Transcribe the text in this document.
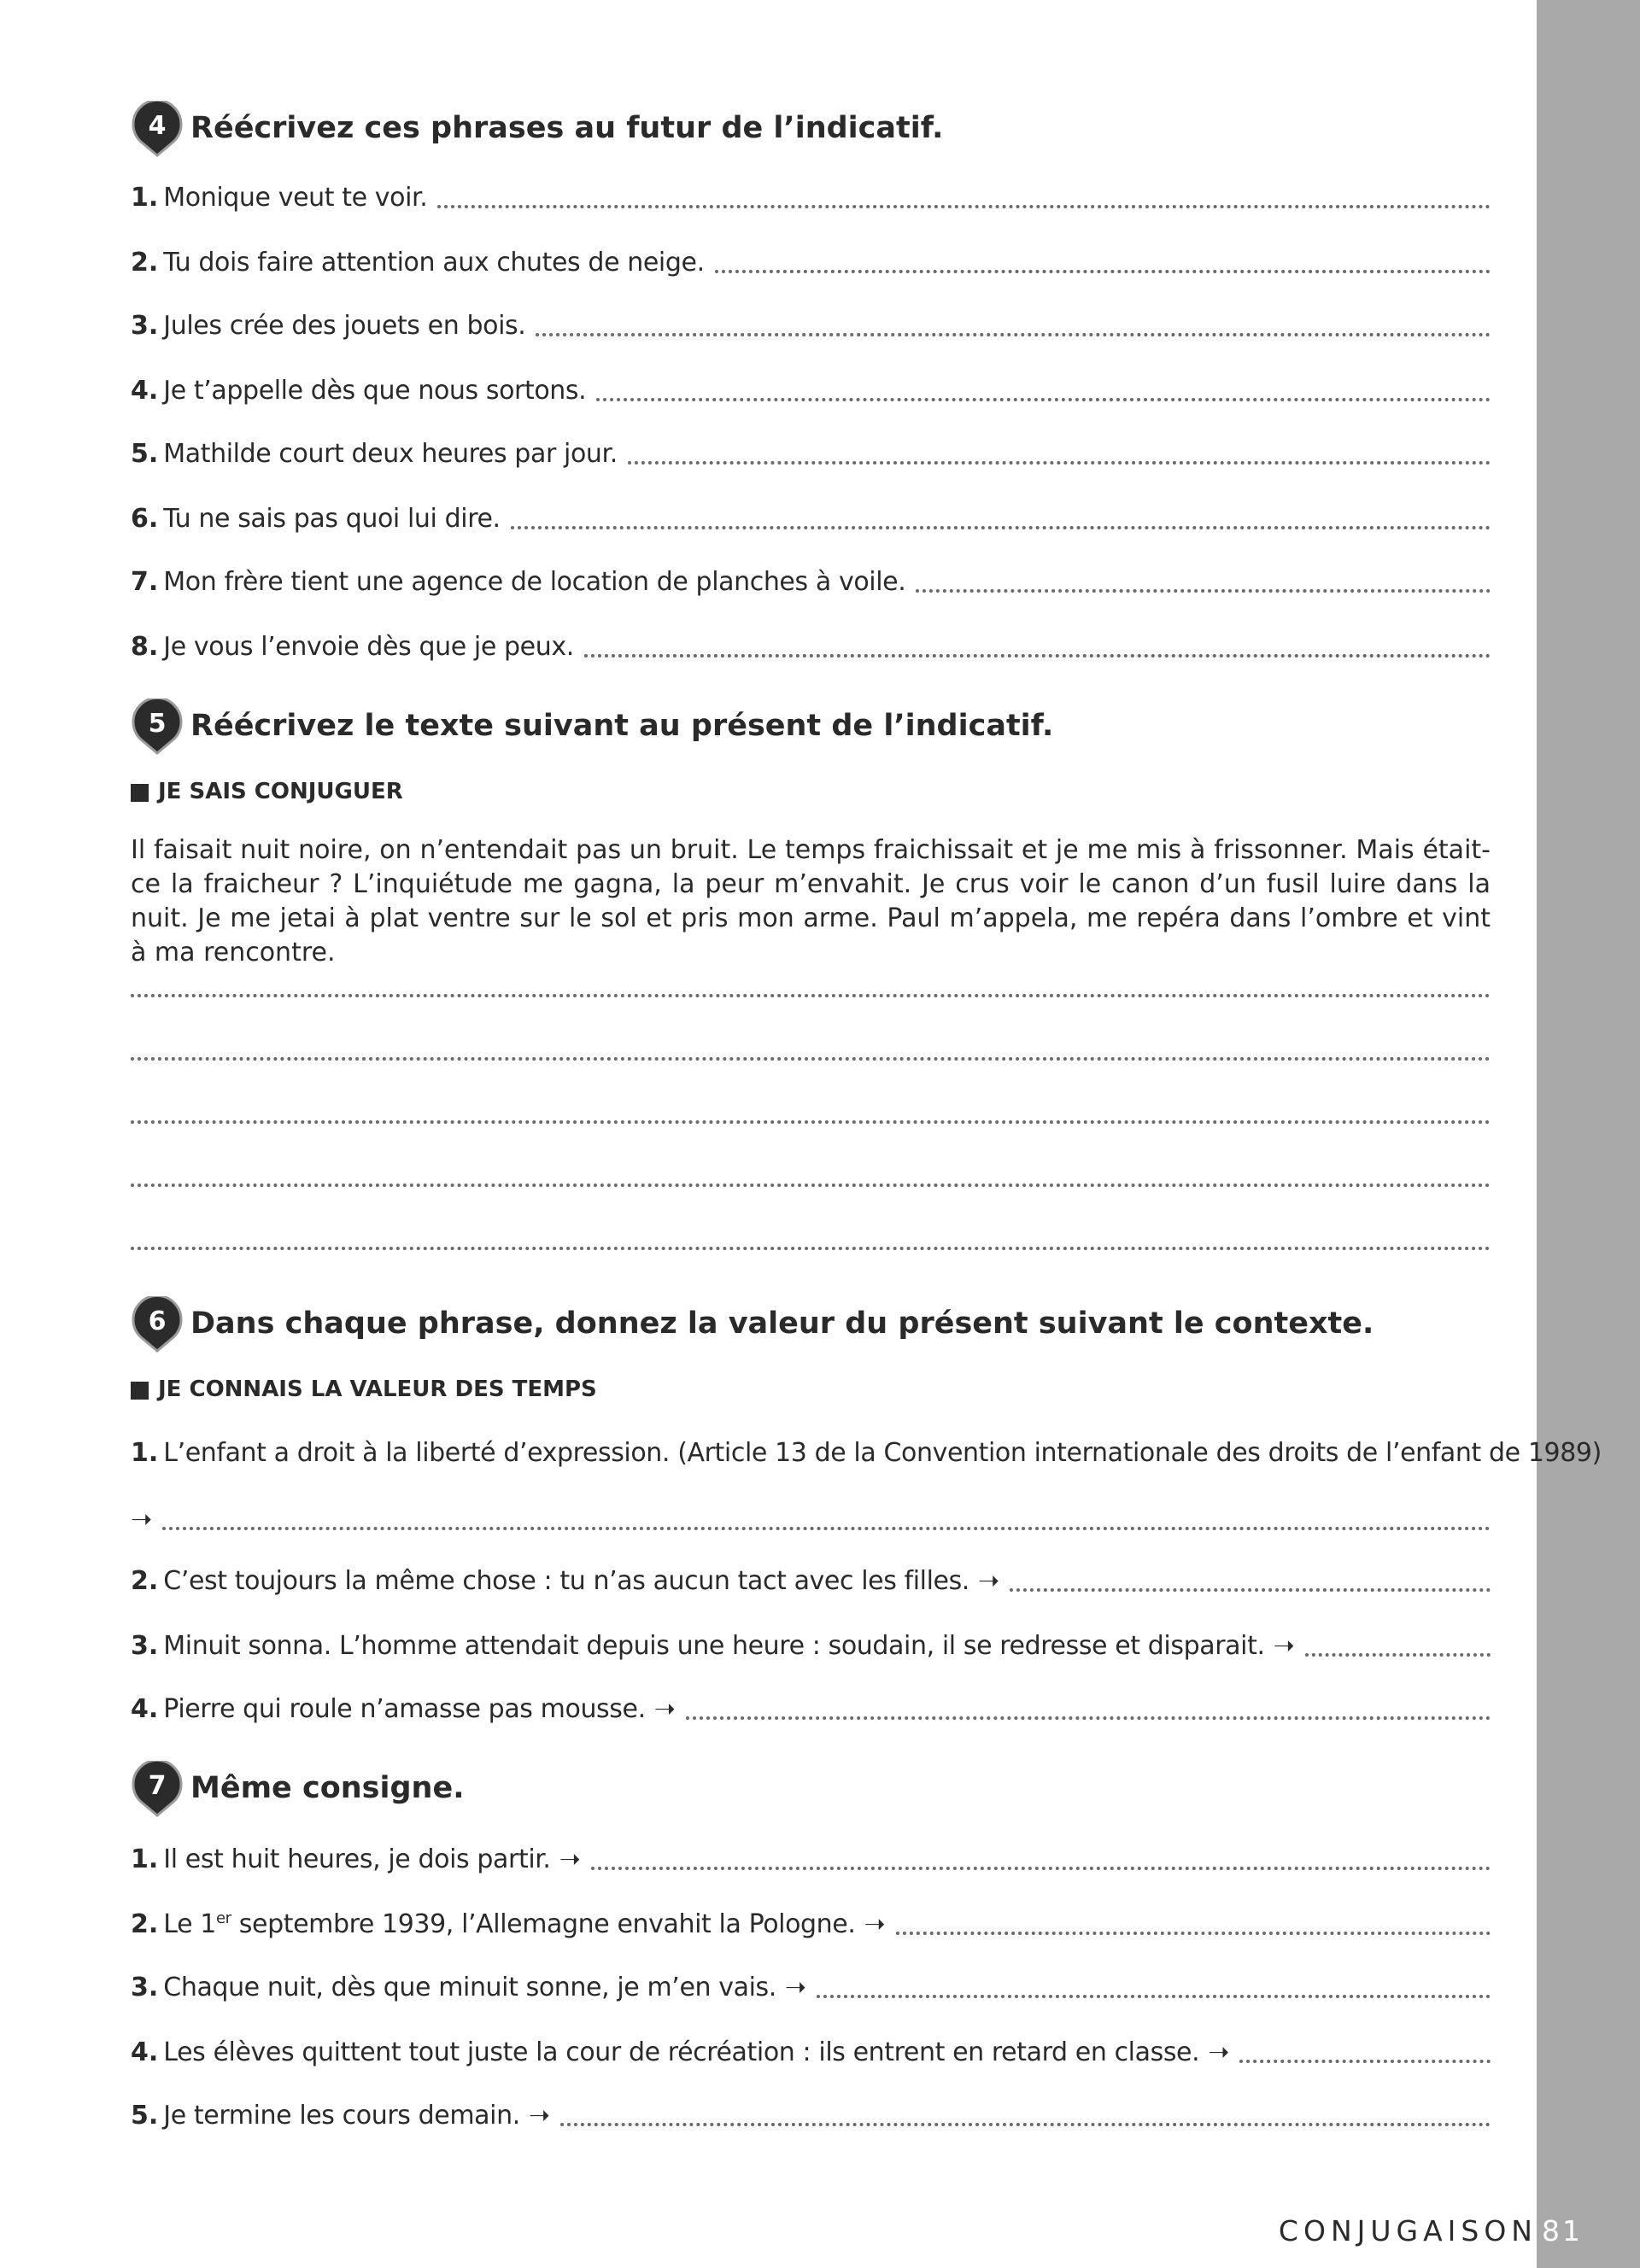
4 Réécrivez ces phrases au futur de l’indicatif.
1. Monique veut te voir.
2. Tu dois faire attention aux chutes de neige.
3. Jules crée des jouets en bois.
4. Je t’appelle dès que nous sortons.
5. Mathilde court deux heures par jour.
6. Tu ne sais pas quoi lui dire.
7. Mon frère tient une agence de location de planches à voile.
8. Je vous l’envoie dès que je peux.
5 Réécrivez le texte suivant au présent de l’indicatif.
JE SAIS CONJUGUER
Il faisait nuit noire, on n’entendait pas un bruit. Le temps fraichissait et je me mis à frissonner. Mais était-ce la fraicheur ? L’inquiétude me gagna, la peur m’envahit. Je crus voir le canon d’un fusil luire dans la nuit. Je me jetai à plat ventre sur le sol et pris mon arme. Paul m’appela, me repéra dans l’ombre et vint à ma rencontre.
6 Dans chaque phrase, donnez la valeur du présent suivant le contexte.
JE CONNAIS LA VALEUR DES TEMPS
1. L’enfant a droit à la liberté d’expression. (Article 13 de la Convention internationale des droits de l’enfant de 1989)
➝
2. C’est toujours la même chose : tu n’as aucun tact avec les filles. ➝
3. Minuit sonna. L’homme attendait depuis une heure : soudain, il se redresse et disparait. ➝
4. Pierre qui roule n’amasse pas mousse. ➝
7 Même consigne.
1. Il est huit heures, je dois partir. ➝
2. Le 1er septembre 1939, l’Allemagne envahit la Pologne. ➝
3. Chaque nuit, dès que minuit sonne, je m’en vais. ➝
4. Les élèves quittent tout juste la cour de récréation : ils entrent en retard en classe. ➝
5. Je termine les cours demain. ➝
CONJUGAISON 81
